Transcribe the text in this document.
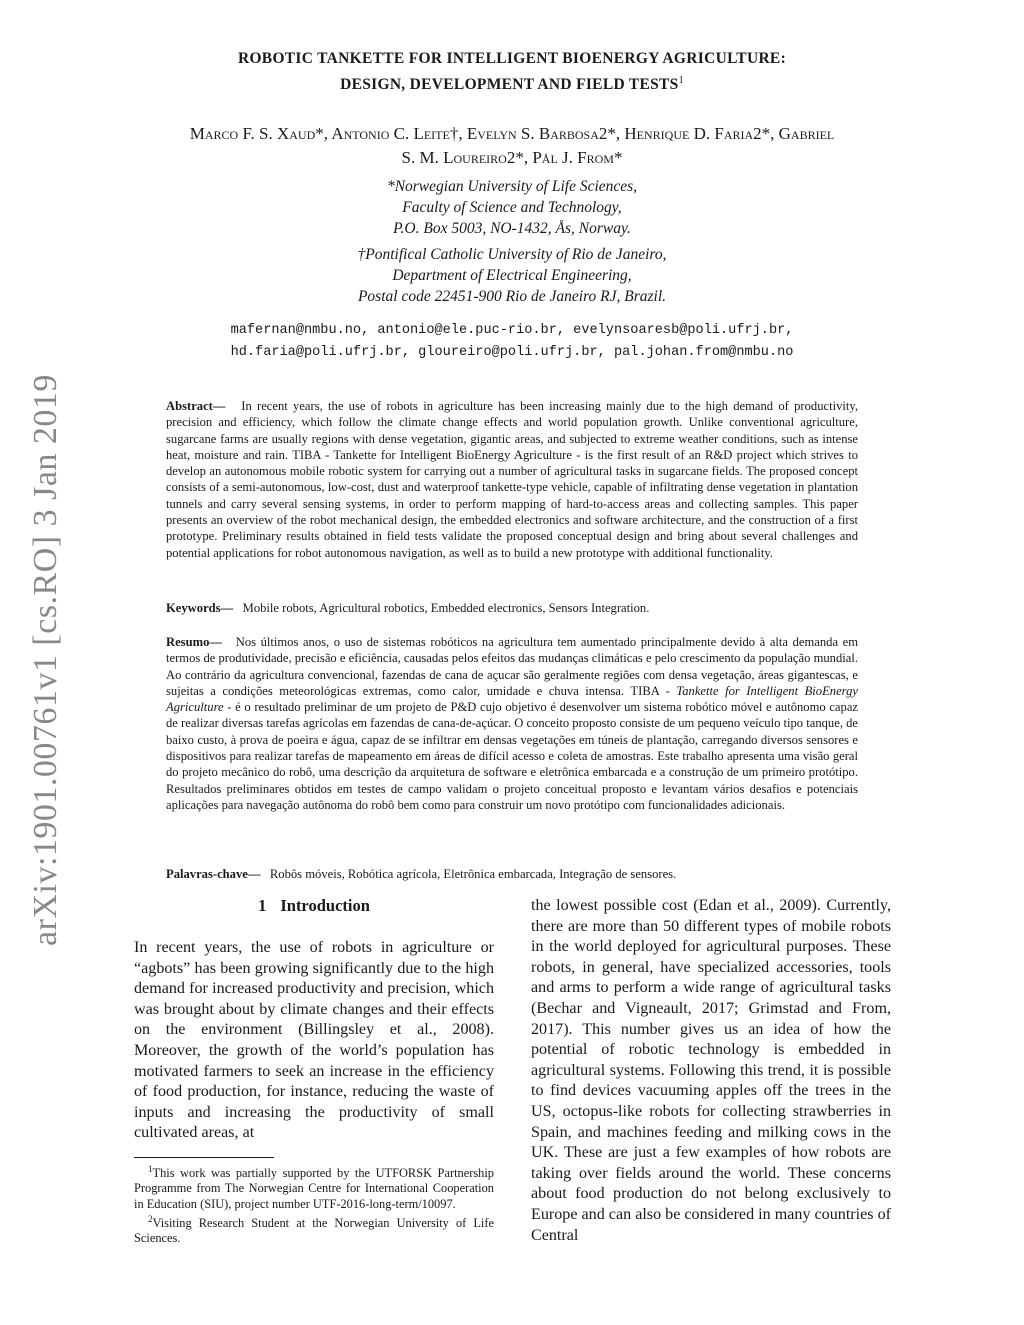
arXiv:1901.00761v1 [cs.RO] 3 Jan 2019
ROBOTIC TANKETTE FOR INTELLIGENT BIOENERGY AGRICULTURE:
DESIGN, DEVELOPMENT AND FIELD TESTS$^1$
Marco F. S. Xaud*, Antonio C. Leite†, Evelyn S. Barbosa2*, Henrique D. Faria2*, Gabriel
S. M. Loureiro2*, Pål J. From*
*Norwegian University of Life Sciences,
Faculty of Science and Technology,
P.O. Box 5003, NO-1432, Ås, Norway.
†Pontifical Catholic University of Rio de Janeiro,
Department of Electrical Engineering,
Postal code 22451-900 Rio de Janeiro RJ, Brazil.
mafernan@nmbu.no, antonio@ele.puc-rio.br, evelynsoaresb@poli.ufrj.br,
hd.faria@poli.ufrj.br, gloureiro@poli.ufrj.br, pal.johan.from@nmbu.no
Abstract— In recent years, the use of robots in agriculture has been increasing mainly due to the high demand of productivity, precision and efficiency, which follow the climate change effects and world population growth. Unlike conventional agriculture, sugarcane farms are usually regions with dense vegetation, gigantic areas, and subjected to extreme weather conditions, such as intense heat, moisture and rain. TIBA - Tankette for Intelligent BioEnergy Agriculture - is the first result of an R&D project which strives to develop an autonomous mobile robotic system for carrying out a number of agricultural tasks in sugarcane fields. The proposed concept consists of a semi-autonomous, low-cost, dust and waterproof tankette-type vehicle, capable of infiltrating dense vegetation in plantation tunnels and carry several sensing systems, in order to perform mapping of hard-to-access areas and collecting samples. This paper presents an overview of the robot mechanical design, the embedded electronics and software architecture, and the construction of a first prototype. Preliminary results obtained in field tests validate the proposed conceptual design and bring about several challenges and potential applications for robot autonomous navigation, as well as to build a new prototype with additional functionality.
Keywords— Mobile robots, Agricultural robotics, Embedded electronics, Sensors Integration.
Resumo— Nos últimos anos, o uso de sistemas robóticos na agricultura tem aumentado principalmente devido à alta demanda em termos de produtividade, precisão e eficiência, causadas pelos efeitos das mudanças climáticas e pelo crescimento da população mundial. Ao contrário da agricultura convencional, fazendas de cana de açucar são geralmente regiões com densa vegetação, áreas gigantescas, e sujeitas a condições meteorológicas extremas, como calor, umidade e chuva intensa. TIBA - Tankette for Intelligent BioEnergy Agriculture - é o resultado preliminar de um projeto de P&D cujo objetivo é desenvolver um sistema robótico móvel e autônomo capaz de realizar diversas tarefas agrícolas em fazendas de cana-de-açúcar. O conceito proposto consiste de um pequeno veículo tipo tanque, de baixo custo, à prova de poeira e água, capaz de se infiltrar em densas vegetações em túneis de plantação, carregando diversos sensores e dispositivos para realizar tarefas de mapeamento em áreas de difícil acesso e coleta de amostras. Este trabalho apresenta uma visão geral do projeto mecânico do robô, uma descrição da arquitetura de software e eletrônica embarcada e a construção de um primeiro protótipo. Resultados preliminares obtidos em testes de campo validam o projeto conceitual proposto e levantam vários desafios e potenciais aplicações para navegação autônoma do robô bem como para construir um novo protótipo com funcionalidades adicionais.
Palavras-chave— Robôs móveis, Robótica agrícola, Eletrônica embarcada, Integração de sensores.
1 Introduction
In recent years, the use of robots in agriculture or “agbots” has been growing significantly due to the high demand for increased productivity and precision, which was brought about by climate changes and their effects on the environment (Billingsley et al., 2008). Moreover, the growth of the world’s population has motivated farmers to seek an increase in the efficiency of food production, for instance, reducing the waste of inputs and increasing the productivity of small cultivated areas, at
the lowest possible cost (Edan et al., 2009). Currently, there are more than 50 different types of mobile robots in the world deployed for agricultural purposes. These robots, in general, have specialized accessories, tools and arms to perform a wide range of agricultural tasks (Bechar and Vigneault, 2017; Grimstad and From, 2017). This number gives us an idea of how the potential of robotic technology is embedded in agricultural systems. Following this trend, it is possible to find devices vacuuming apples off the trees in the US, octopus-like robots for collecting strawberries in Spain, and machines feeding and milking cows in the UK. These are just a few examples of how robots are taking over fields around the world. These concerns about food production do not belong exclusively to Europe and can also be considered in many countries of Central

$^1$This work was partially supported by the UTFORSK Partnership Programme from The Norwegian Centre for International Cooperation in Education (SIU), project number UTF-2016-long-term/10097.

$^2$Visiting Research Student at the Norwegian University of Life Sciences.
